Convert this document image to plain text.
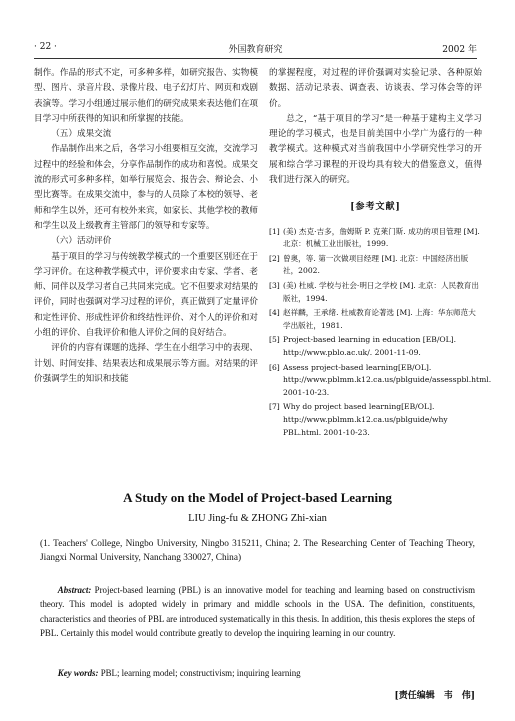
· 22 ·	外国教育研究	2002 年

制作。作品的形式不定，可多种多样，如研究报告、实物模型、图片、录音片段、录像片段、电子幻灯片、网页和戏剧表演等。学习小组通过展示他们的研究成果来表达他们在项目学习中所获得的知识和所掌握的技能。

（五）成果交流

作品制作出来之后，各学习小组要相互交流，交流学习过程中的经验和体会，分享作品制作的成功和喜悦。成果交流的形式可多种多样，如举行展览会、报告会、辩论会、小型比赛等。在成果交流中，参与的人员除了本校的领导、老师和学生以外，还可有校外来宾，如家长、其他学校的教师和学生以及上级教育主管部门的领导和专家等。

（六）活动评价

基于项目的学习与传统教学模式的一个重要区别还在于学习评价。在这种教学模式中，评价要求由专家、学者、老师、同伴以及学习者自己共同来完成。它不但要求对结果的评价，同时也强调对学习过程的评价，真正做到了定量评价和定性评价、形成性评价和终结性评价、对个人的评价和对小组的评价、自我评价和他人评价之间的良好结合。

评价的内容有课题的选择、学生在小组学习中的表现、计划、时间安排、结果表达和成果展示等方面。对结果的评价强调学生的知识和技能

的掌握程度，对过程的评价强调对实验记录、各种原始数据、活动记录表、调查表、访谈表、学习体会等的评价。

总之，“基于项目的学习”是一种基于建构主义学习理论的学习模式，也是目前美国中小学广为盛行的一种教学模式。这种模式对当前我国中小学研究性学习的开展和综合学习课程的开设均具有较大的借鉴意义，值得我们进行深入的研究。

[参考文献]
[1] (美) 杰克·吉多，詹姆斯 P. 克莱门斯. 成功的项目管理 [M]. 北京：机械工业出版社，1999.
[2] 曾奥，等. 第一次做项目经理 [M]. 北京：中国经济出版社，2002.
[3] (美) 杜威. 学校与社会·明日之学校 [M]. 北京：人民教育出版社，1994.
[4] 赵祥麟，王承绪. 杜威教育论著选 [M]. 上海：华东师范大学出版社，1981.
[5] Project-based learning in education [EB/OL]. http://www.pblo.ac.uk/. 2001-11-09.
[6] Assess project-based learning[EB/OL]. http://www.pblmm.k12.ca.us/pblguide/assesspbl.html. 2001-10-23.
[7] Why do project based learning[EB/OL]. http://www.pblmm.k12.ca.us/pblguide/why PBL.html. 2001-10-23.
A Study on the Model of Project-based Learning
LIU Jing-fu & ZHONG Zhi-xian
(1. Teachers' College, Ningbo University, Ningbo 315211, China; 2. The Researching Center of Teaching Theory, Jiangxi Normal University, Nanchang 330027, China)
Abstract: Project-based learning (PBL) is an innovative model for teaching and learning based on constructivism theory. This model is adopted widely in primary and middle schools in the USA. The definition, constituents, characteristics and theories of PBL are introduced systematically in this thesis. In addition, this thesis explores the steps of PBL. Certainly this model would contribute greatly to develop the inquiring learning in our country.
Key words: PBL; learning model; constructivism; inquiring learning
[责任编辑　韦　伟]
